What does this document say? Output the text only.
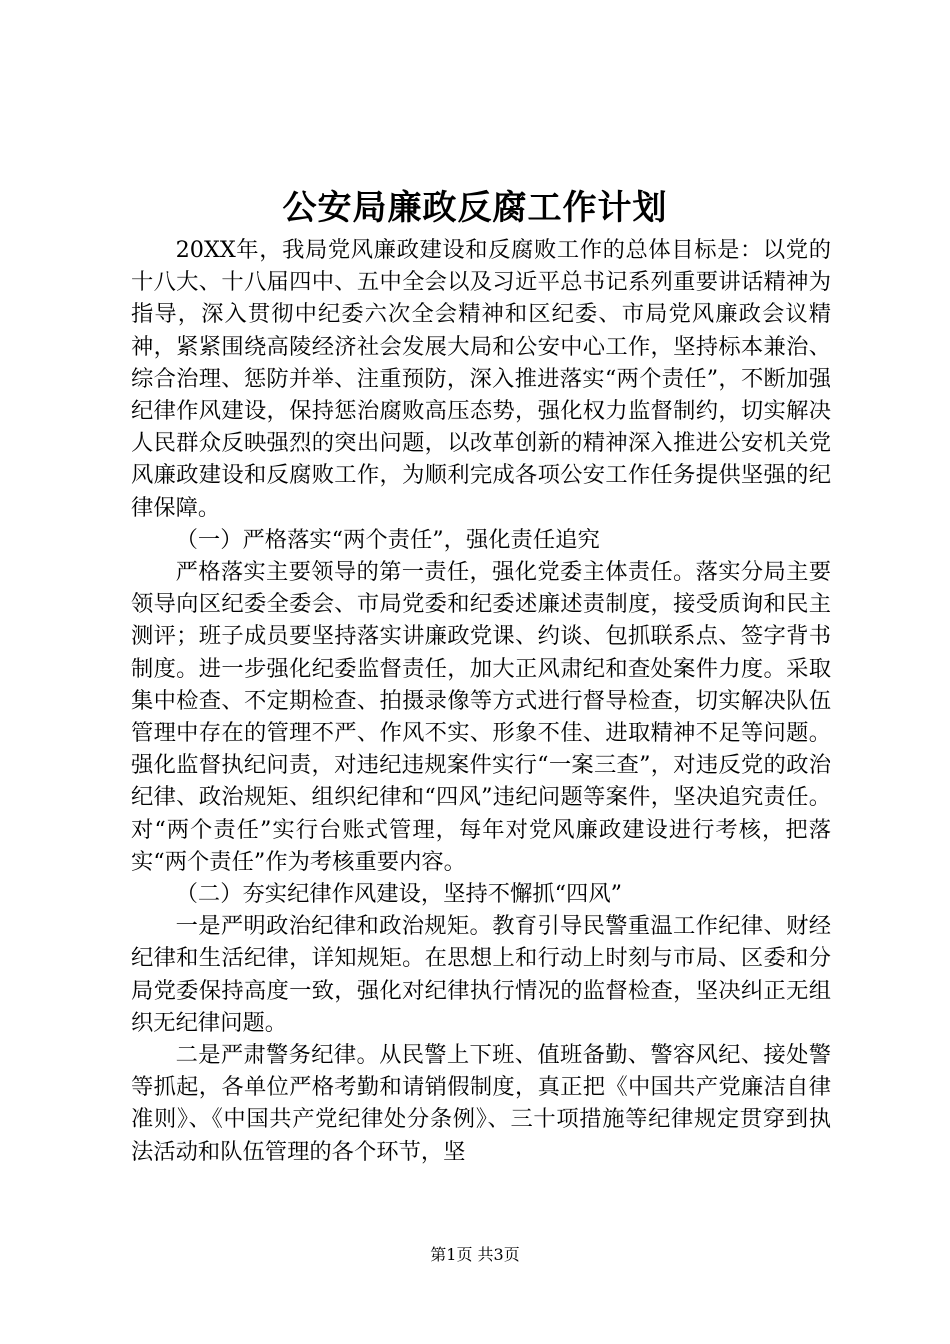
公安局廉政反腐工作计划

20XX年，我局党风廉政建设和反腐败工作的总体目标是：以党的十八大、十八届四中、五中全会以及习近平总书记系列重要讲话精神为指导，深入贯彻中纪委六次全会精神和区纪委、市局党风廉政会议精神，紧紧围绕高陵经济社会发展大局和公安中心工作，坚持标本兼治、综合治理、惩防并举、注重预防，深入推进落实“两个责任”，不断加强纪律作风建设，保持惩治腐败高压态势，强化权力监督制约，切实解决人民群众反映强烈的突出问题，以改革创新的精神深入推进公安机关党风廉政建设和反腐败工作，为顺利完成各项公安工作任务提供坚强的纪律保障。

（一）严格落实“两个责任”，强化责任追究

严格落实主要领导的第一责任，强化党委主体责任。落实分局主要领导向区纪委全委会、市局党委和纪委述廉述责制度，接受质询和民主测评；班子成员要坚持落实讲廉政党课、约谈、包抓联系点、签字背书制度。进一步强化纪委监督责任，加大正风肃纪和查处案件力度。采取集中检查、不定期检查、拍摄录像等方式进行督导检查，切实解决队伍管理中存在的管理不严、作风不实、形象不佳、进取精神不足等问题。强化监督执纪问责，对违纪违规案件实行“一案三查”，对违反党的政治纪律、政治规矩、组织纪律和“四风”违纪问题等案件，坚决追究责任。对“两个责任”实行台账式管理，每年对党风廉政建设进行考核，把落实“两个责任”作为考核重要内容。

（二）夯实纪律作风建设，坚持不懈抓“四风”

一是严明政治纪律和政治规矩。教育引导民警重温工作纪律、财经纪律和生活纪律，详知规矩。在思想上和行动上时刻与市局、区委和分局党委保持高度一致，强化对纪律执行情况的监督检查，坚决纠正无组织无纪律问题。

二是严肃警务纪律。从民警上下班、值班备勤、警容风纪、接处警等抓起，各单位严格考勤和请销假制度，真正把《中国共产党廉洁自律准则》、《中国共产党纪律处分条例》、三十项措施等纪律规定贯穿到执法活动和队伍管理的各个环节，坚

第1页 共3页
